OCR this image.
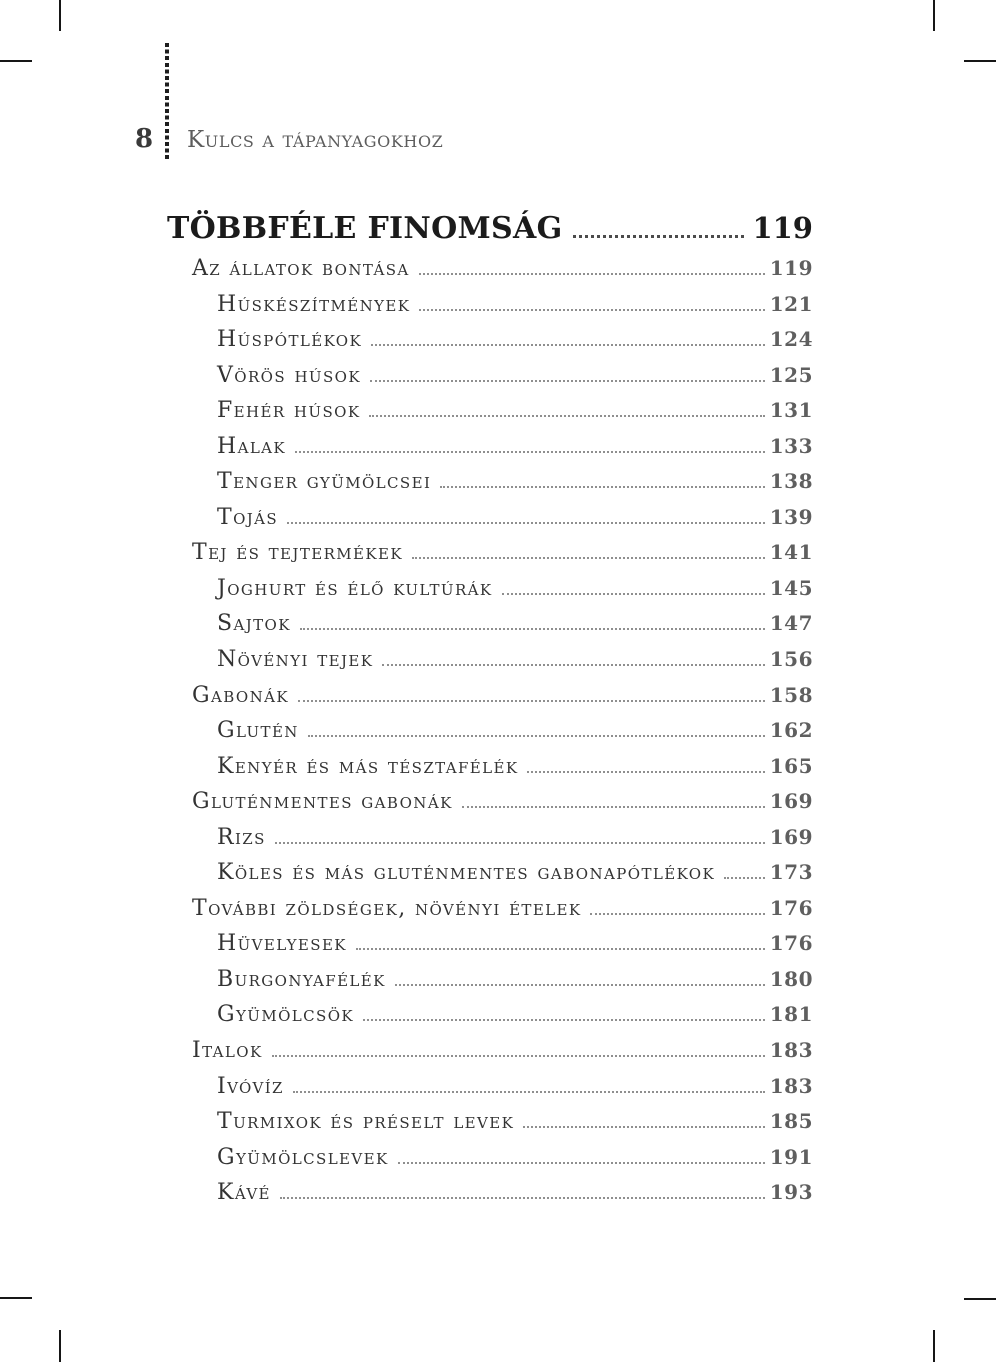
8	Kulcs a tápanyagokhoz
TÖBBFÉLE FINOMSÁG	119
Az állatok bontása	119
Húskészítmények	121
Húspótlékok	124
Vörös húsok	125
Fehér húsok	131
Halak	133
Tenger gyümölcsei	138
Tojás	139
Tej és tejtermékek	141
Joghurt és élő kultúrák	145
Sajtok	147
Növényi tejek	156
Gabonák	158
Glutén	162
Kenyér és más tésztafélék	165
Gluténmentes gabonák	169
Rizs	169
Köles és más gluténmentes gabonapótlékok	173
További zöldségek, növényi ételek	176
Hüvelyesek	176
Burgonyafélék	180
Gyümölcsök	181
Italok	183
Ivóvíz	183
Turmixok és préselt levek	185
Gyümölcslevek	191
Kávé	193
